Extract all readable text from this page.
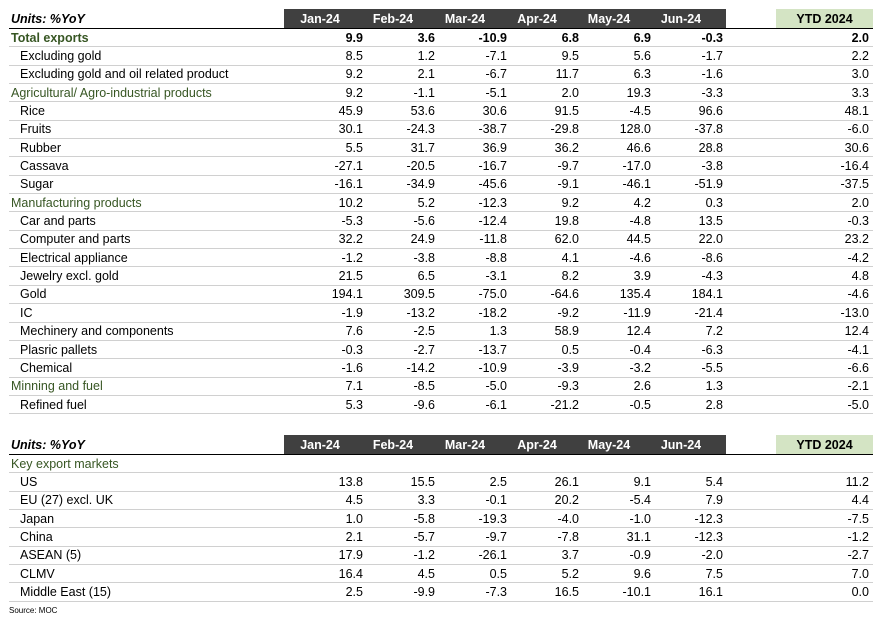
Units: %YoY	Jan-24	Feb-24	Mar-24	Apr-24	May-24	Jun-24	YTD 2024
Total exports	9.9	3.6	-10.9	6.8	6.9	-0.3	2.0
Excluding gold	8.5	1.2	-7.1	9.5	5.6	-1.7	2.2
Excluding gold and oil related product	9.2	2.1	-6.7	11.7	6.3	-1.6	3.0
Agricultural/ Agro-industrial products	9.2	-1.1	-5.1	2.0	19.3	-3.3	3.3
Rice	45.9	53.6	30.6	91.5	-4.5	96.6	48.1
Fruits	30.1	-24.3	-38.7	-29.8	128.0	-37.8	-6.0
Rubber	5.5	31.7	36.9	36.2	46.6	28.8	30.6
Cassava	-27.1	-20.5	-16.7	-9.7	-17.0	-3.8	-16.4
Sugar	-16.1	-34.9	-45.6	-9.1	-46.1	-51.9	-37.5
Manufacturing products	10.2	5.2	-12.3	9.2	4.2	0.3	2.0
Car and parts	-5.3	-5.6	-12.4	19.8	-4.8	13.5	-0.3
Computer and parts	32.2	24.9	-11.8	62.0	44.5	22.0	23.2
Electrical appliance	-1.2	-3.8	-8.8	4.1	-4.6	-8.6	-4.2
Jewelry excl. gold	21.5	6.5	-3.1	8.2	3.9	-4.3	4.8
Gold	194.1	309.5	-75.0	-64.6	135.4	184.1	-4.6
IC	-1.9	-13.2	-18.2	-9.2	-11.9	-21.4	-13.0
Mechinery and components	7.6	-2.5	1.3	58.9	12.4	7.2	12.4
Plasric pallets	-0.3	-2.7	-13.7	0.5	-0.4	-6.3	-4.1
Chemical	-1.6	-14.2	-10.9	-3.9	-3.2	-5.5	-6.6
Minning and fuel	7.1	-8.5	-5.0	-9.3	2.6	1.3	-2.1
Refined fuel	5.3	-9.6	-6.1	-21.2	-0.5	2.8	-5.0
Units: %YoY	Jan-24	Feb-24	Mar-24	Apr-24	May-24	Jun-24	YTD 2024
Key export markets
US	13.8	15.5	2.5	26.1	9.1	5.4	11.2
EU (27) excl. UK	4.5	3.3	-0.1	20.2	-5.4	7.9	4.4
Japan	1.0	-5.8	-19.3	-4.0	-1.0	-12.3	-7.5
China	2.1	-5.7	-9.7	-7.8	31.1	-12.3	-1.2
ASEAN (5)	17.9	-1.2	-26.1	3.7	-0.9	-2.0	-2.7
CLMV	16.4	4.5	0.5	5.2	9.6	7.5	7.0
Middle East (15)	2.5	-9.9	-7.3	16.5	-10.1	16.1	0.0
Source: MOC
